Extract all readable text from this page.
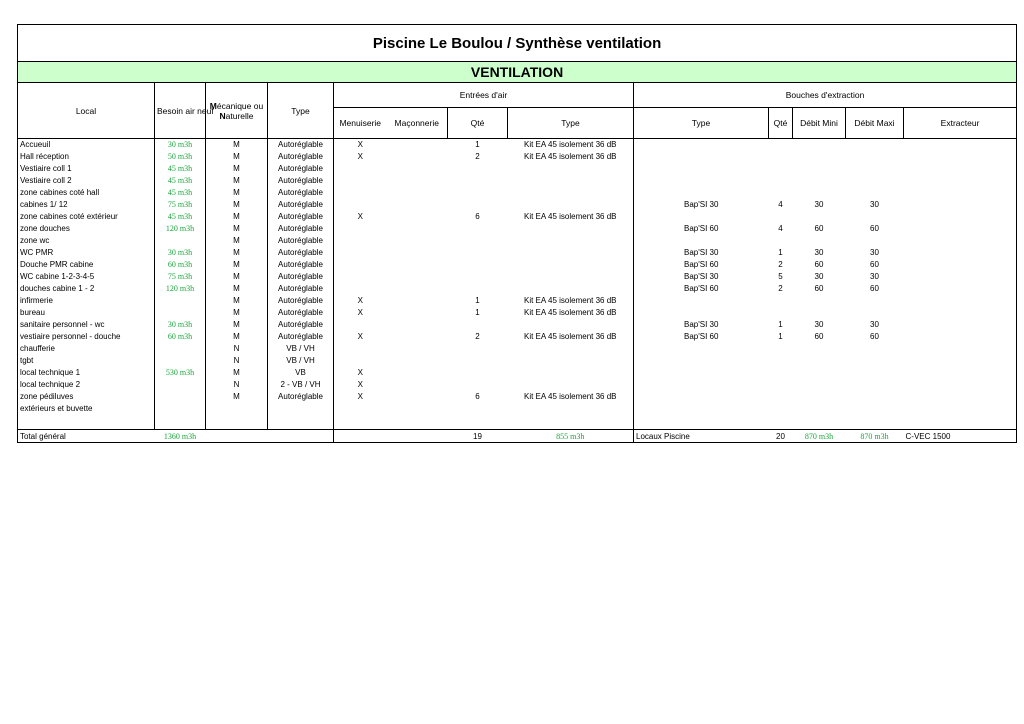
Piscine Le Boulou / Synthèse ventilation												
VENTILATION												
Local	Besoin air neuf	Mécanique ou
Naturelle	Type	Entrées d'air				Bouches d'extraction				
				Menuiserie	Maçonnerie	Qté	Type	Type	Qté	Débit Mini	Débit Maxi	Extracteur
Accueuil	30 m3h	M	Autoréglable	X		1	Kit EA 45 isolement 36 dB					
Hall réception	50 m3h	M	Autoréglable	X		2	Kit EA 45 isolement 36 dB					
Vestiaire coll 1	45 m3h	M	Autoréglable									
Vestiaire coll 2	45 m3h	M	Autoréglable									
zone cabines coté hall	45 m3h	M	Autoréglable									
cabines 1/ 12	75 m3h	M	Autoréglable					Bap'SI 30	4	30	30	
zone cabines coté extérieur	45 m3h	M	Autoréglable	X		6	Kit EA 45 isolement 36 dB					
zone douches	120 m3h	M	Autoréglable					Bap'SI 60	4	60	60	
zone wc		M	Autoréglable									
WC PMR	30 m3h	M	Autoréglable					Bap'SI 30	1	30	30	
Douche PMR cabine	60 m3h	M	Autoréglable					Bap'SI 60	2	60	60	
WC cabine 1-2-3-4-5	75 m3h	M	Autoréglable					Bap'SI 30	5	30	30	
douches cabine 1 - 2	120 m3h	M	Autoréglable					Bap'SI 60	2	60	60	
infirmerie		M	Autoréglable	X		1	Kit EA 45 isolement 36 dB					
bureau		M	Autoréglable	X		1	Kit EA 45 isolement 36 dB					
sanitaire personnel - wc	30 m3h	M	Autoréglable					Bap'SI 30	1	30	30	
vestiaire personnel - douche	60 m3h	M	Autoréglable	X		2	Kit EA 45 isolement 36 dB	Bap'SI 60	1	60	60	
chaufferie		N	VB / VH									
tgbt		N	VB / VH									
local technique 1	530 m3h	M	VB	X								
local technique 2		N	2 - VB / VH	X								
zone pédiluves		M	Autoréglable	X		6	Kit EA 45 isolement 36 dB					
extérieurs et buvette												

Total général	1360 m3h					19	855 m3h	Locaux Piscine	20	870 m3h	870 m3h	C-VEC 1500
